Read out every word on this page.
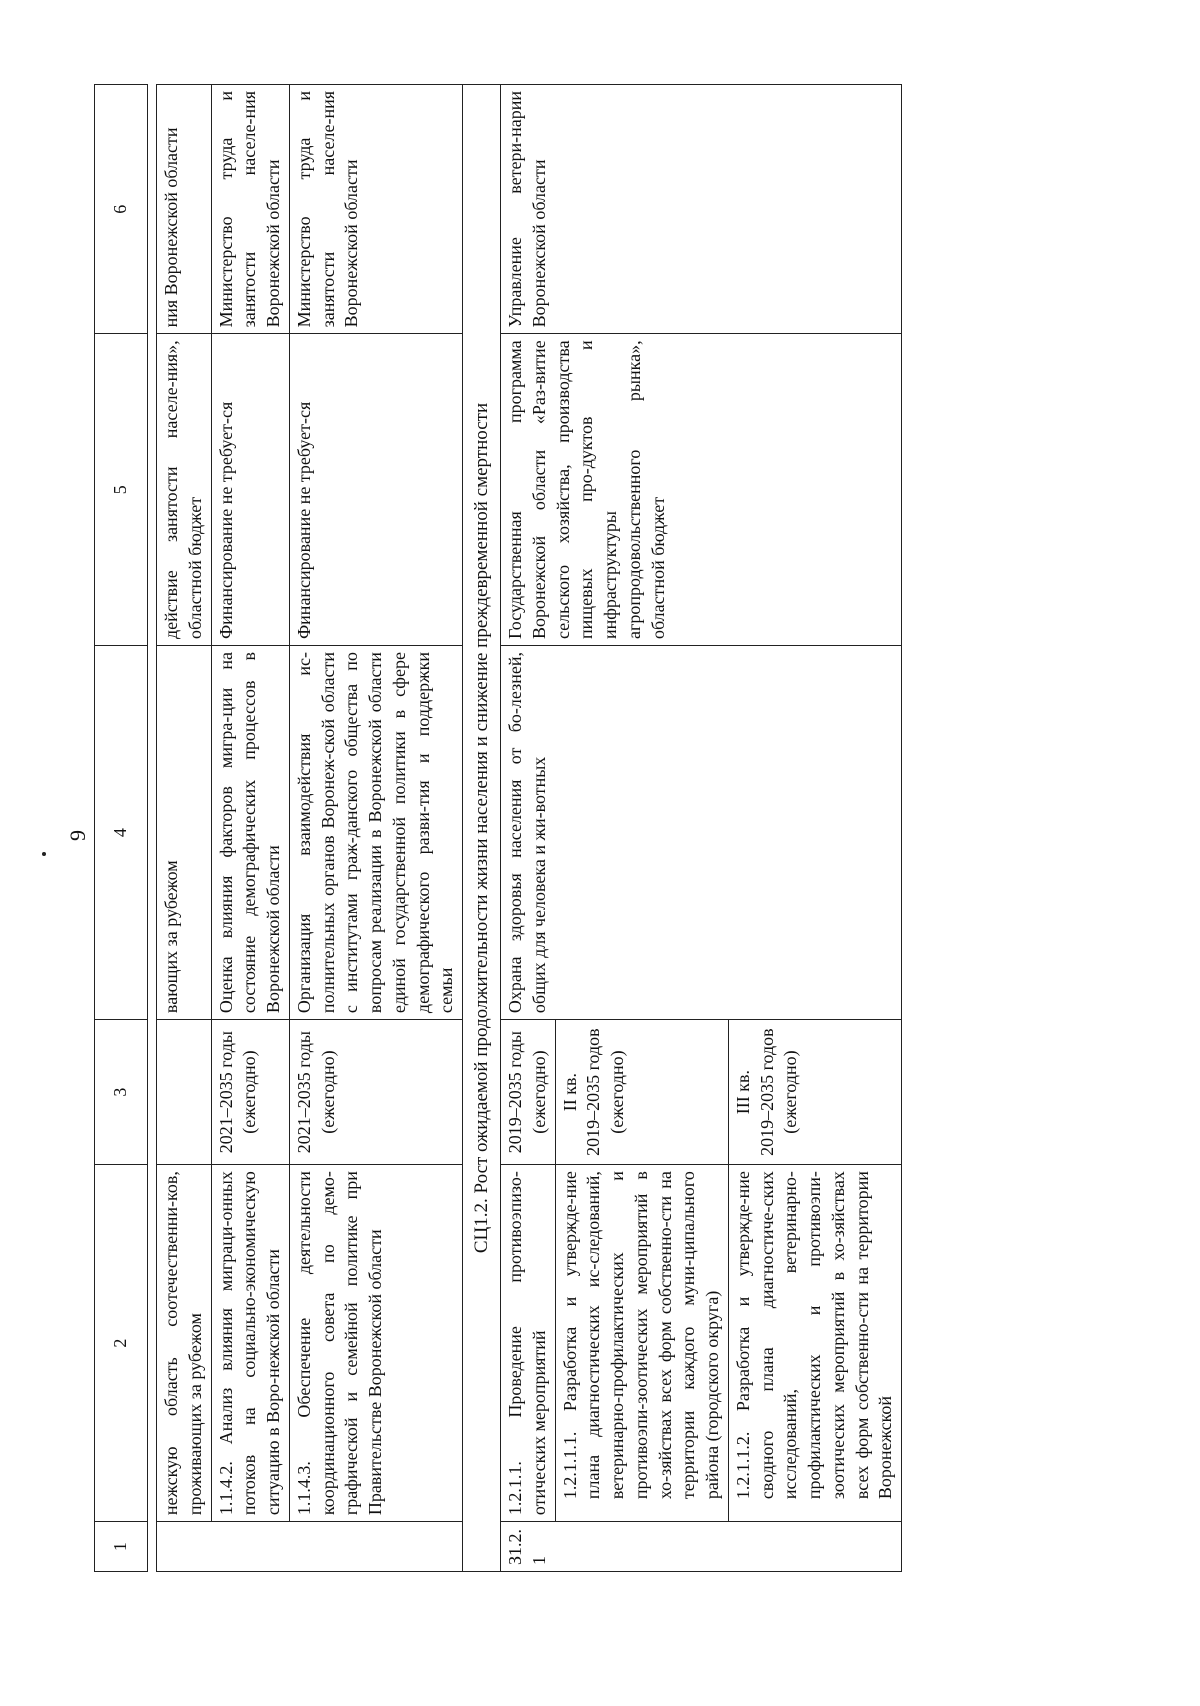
9
1	2	3	4	5	6

	нежскую область соотечественни-ков, проживающих за рубежом		вающих за рубежом	действие занятости населе-ния», областной бюджет	ния Воронежской области
	1.1.4.2. Анализ влияния миграци-онных потоков на социально-экономическую ситуацию в Воро-нежской области	2021–2035 годы (ежегодно)	Оценка влияния факторов мигра-ции на состояние демографических процессов в Воронежской области	Финансирование не требует-ся	Министерство труда и занятости населе-ния Воронежской области
	1.1.4.3. Обеспечение деятельности координационного совета по демо-графической и семейной политике при Правительстве Воронежской области	2021–2035 годы (ежегодно)	Организация взаимодействия ис-полнительных органов Воронеж-ской области с институтами граж-данского общества по вопросам реализации в Воронежской области единой государственной политики в сфере демографического разви-тия и поддержки семьи	Финансирование не требует-ся	Министерство труда и занятости населе-ния Воронежской области
СЦ1.2. Рост ожидаемой продолжительности жизни населения и снижение преждевременной смертности					
З1.2.1	1.2.1.1. Проведение противоэпизо-отических мероприятий	2019–2035 годы (ежегодно)	Охрана здоровья населения от бо-лезней, общих для человека и жи-вотных	Государственная программа Воронежской области «Раз-витие сельского хозяйства, производства пищевых про-дуктов и инфраструктуры агропродовольственного рынка», областной бюджет	Управление ветери-нарии Воронежской области
	1.2.1.1.1. Разработка и утвержде-ние плана диагностических ис-следований, ветеринарно-профилактических и противоэпи-зоотических мероприятий в хо-зяйствах всех форм собственно-сти на территории каждого муни-ципального района (городского округа)	II кв. 2019–2035 годов (ежегодно)			

	1.2.1.1.2. Разработка и утвержде-ние сводного плана диагностиче-ских исследований, ветеринарно-профилактических и противоэпи-зоотических мероприятий в хо-зяйствах всех форм собственно-сти на территории Воронежской	III кв. 2019–2035 годов (ежегодно)			
